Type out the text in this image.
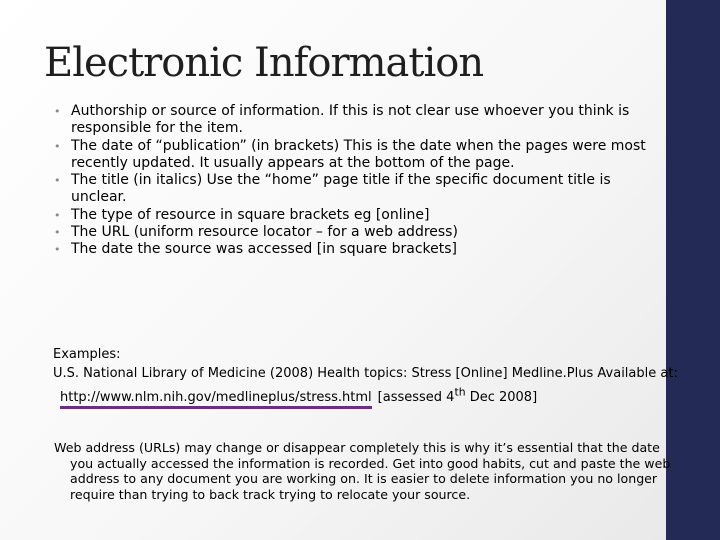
Electronic Information
• Authorship or source of information. If this is not clear use whoever you think is responsible for the item.
• The date of “publication” (in brackets) This is the date when the pages were most recently updated. It usually appears at the bottom of the page.
• The title (in italics) Use the “home” page title if the specific document title is unclear.
• The type of resource in square brackets eg [online]
• The URL (uniform resource locator – for a web address)
• The date the source was accessed [in square brackets]

Examples:

U.S. National Library of Medicine (2008) Health topics: Stress [Online] Medline.Plus Available at:

http://www.nlm.nih.gov/medlineplus/stress.html [assessed 4th Dec 2008]

Web address (URLs) may change or disappear completely this is why it’s essential that the date

you actually accessed the information is recorded. Get into good habits, cut and paste the web address to any document you are working on. It is easier to delete information you no longer require than trying to back track trying to relocate your source.
